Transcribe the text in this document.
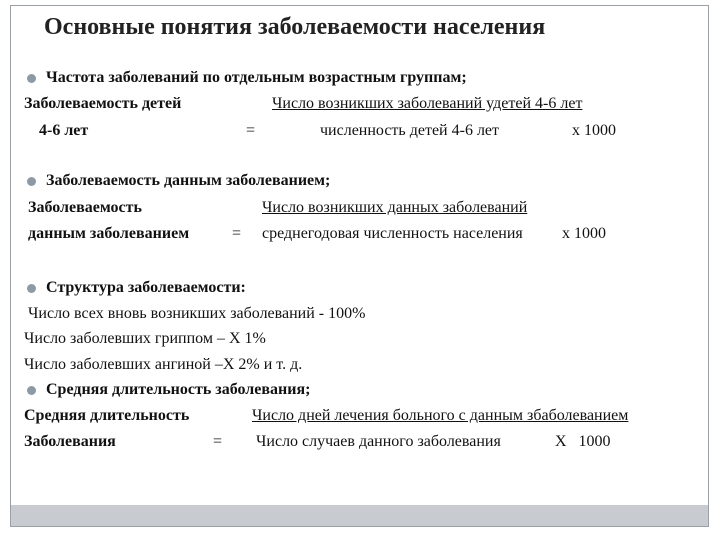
Основные понятия заболеваемости населения
Частота заболеваний по отдельным возрастным группам;
Заболеваемость детей	Число возникших заболеваний удетей 4-6 лет
4-6 лет	=	численность детей 4-6 лет	х 1000
Заболеваемость данным заболеванием;
Заболеваемость	Число возникших данных заболеваний
данным заболеванием	= среднегодовая численность населения х 1000
Структура заболеваемости:
Число всех вновь возникших заболеваний - 100%
Число заболевших гриппом – Х 1%
Число заболевших ангиной –Х 2% и т. д.
Средняя длительность заболевания;
Средняя длительность	Число дней лечения больного с данным збаболеванием
Заболевания	= Число случаев данного заболевания	Х   1000
